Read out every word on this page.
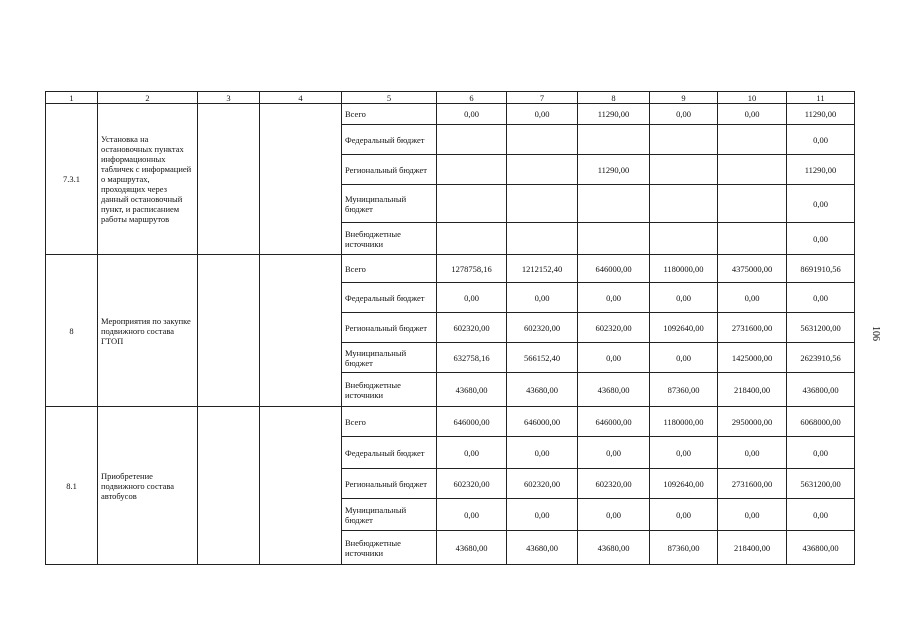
1	2	3	4	5	6	7	8	9	10	11
7.3.1	Установка на остановочных пунктах информационных табличек с информацией о маршрутах, проходящих через данный остановочный пункт, и расписанием работы маршрутов			Всего	0,00	0,00	11290,00	0,00	0,00	11290,00
				Федеральный бюджет						0,00
				Региональный бюджет			11290,00			11290,00
				Муниципальный бюджет						0,00
				Внебюджетные источники						0,00
8	Мероприятия по закупке подвижного состава ГТОП			Всего	1278758,16	1212152,40	646000,00	1180000,00	4375000,00	8691910,56
				Федеральный бюджет	0,00	0,00	0,00	0,00	0,00	0,00
				Региональный бюджет	602320,00	602320,00	602320,00	1092640,00	2731600,00	5631200,00
				Муниципальный бюджет	632758,16	566152,40	0,00	0,00	1425000,00	2623910,56
				Внебюджетные источники	43680,00	43680,00	43680,00	87360,00	218400,00	436800,00
8.1	Приобретение подвижного состава автобусов			Всего	646000,00	646000,00	646000,00	1180000,00	2950000,00	6068000,00
				Федеральный бюджет	0,00	0,00	0,00	0,00	0,00	0,00
				Региональный бюджет	602320,00	602320,00	602320,00	1092640,00	2731600,00	5631200,00
				Муниципальный бюджет	0,00	0,00	0,00	0,00	0,00	0,00
				Внебюджетные источники	43680,00	43680,00	43680,00	87360,00	218400,00	436800,00
106
